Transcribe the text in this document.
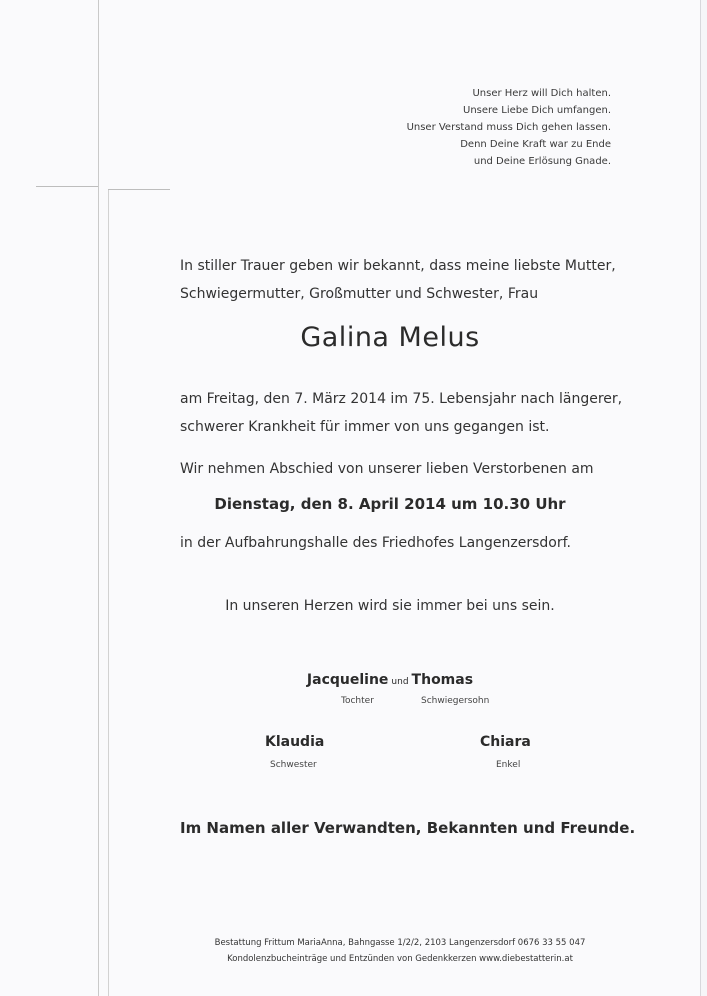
Unser Herz will Dich halten.
Unsere Liebe Dich umfangen.
Unser Verstand muss Dich gehen lassen.
Denn Deine Kraft war zu Ende
und Deine Erlösung Gnade.
In stiller Trauer geben wir bekannt, dass meine liebste Mutter,
Schwiegermutter, Großmutter und Schwester, Frau
Galina Melus
am Freitag, den 7. März 2014 im 75. Lebensjahr nach längerer,
schwerer Krankheit für immer von uns gegangen ist.
Wir nehmen Abschied von unserer lieben Verstorbenen am
Dienstag, den 8. April 2014 um 10.30 Uhr
in der Aufbahrungshalle des Friedhofes Langenzersdorf.
In unseren Herzen wird sie immer bei uns sein.
Jacqueline und Thomas
Tochter	Schwiegersohn
Klaudia
Schwester
Chiara
Enkel
Im Namen aller Verwandten, Bekannten und Freunde.
Bestattung Frittum MariaAnna, Bahngasse 1/2/2, 2103 Langenzersdorf 0676 33 55 047
Kondolenzbucheinträge und Entzünden von Gedenkkerzen www.diebestatterin.at
